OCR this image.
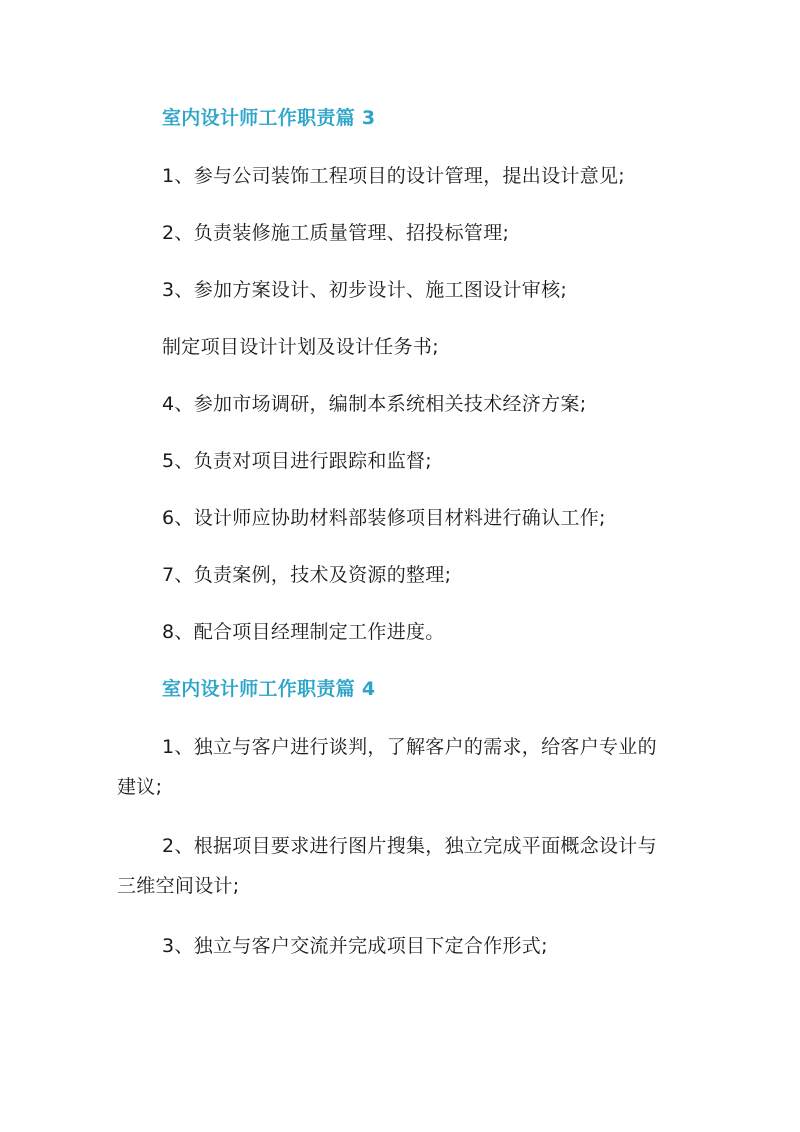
室内设计师工作职责篇 3
1、参与公司装饰工程项目的设计管理，提出设计意见;
2、负责装修施工质量管理、招投标管理;
3、参加方案设计、初步设计、施工图设计审核;
制定项目设计计划及设计任务书;
4、参加市场调研，编制本系统相关技术经济方案;
5、负责对项目进行跟踪和监督;
6、设计师应协助材料部装修项目材料进行确认工作;
7、负责案例，技术及资源的整理;
8、配合项目经理制定工作进度。
室内设计师工作职责篇 4
1、独立与客户进行谈判，了解客户的需求，给客户专业的
建议;
2、根据项目要求进行图片搜集，独立完成平面概念设计与
三维空间设计;
3、独立与客户交流并完成项目下定合作形式;
